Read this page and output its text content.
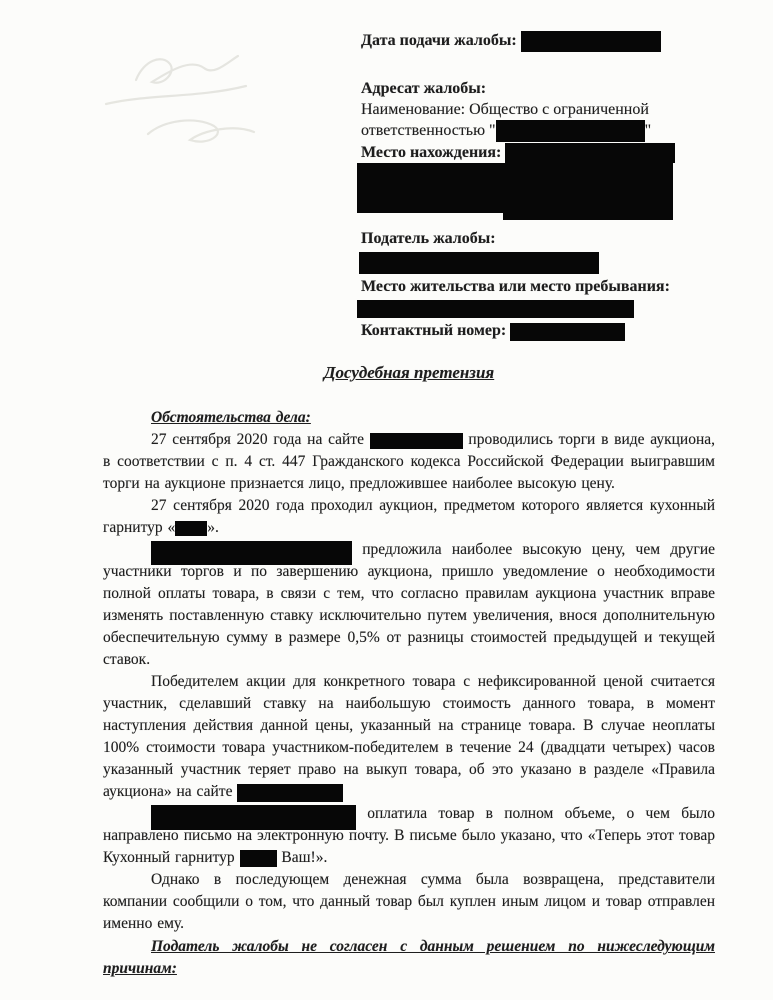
Дата подачи жалобы:
Адресат жалобы:
Наименование: Общество с ограниченной
ответственностью "	"
Место нахождения:
Податель жалобы:
Место жительства или место пребывания:
Контактный номер:
Досудебная претензия

Обстоятельства дела:

27 сентября 2020 года на сайте	проводились торги в виде аукциона, в соответствии с п. 4 ст. 447 Гражданского кодекса Российской Федерации выигравшим торги на аукционе признается лицо, предложившее наиболее высокую цену.

27 сентября 2020 года проходил аукцион, предметом которого является кухонный гарнитур « ».

предложила наиболее высокую цену, чем другие участники торгов и по завершению аукциона, пришло уведомление о необходимости полной оплаты товара, в связи с тем, что согласно правилам аукциона участник вправе изменять поставленную ставку исключительно путем увеличения, внося дополнительную обеспечительную сумму в размере 0,5% от разницы стоимостей предыдущей и текущей ставок.

Победителем акции для конкретного товара с нефиксированной ценой считается участник, сделавший ставку на наибольшую стоимость данного товара, в момент наступления действия данной цены, указанный на странице товара. В случае неоплаты 100% стоимости товара участником-победителем в течение 24 (двадцати четырех) часов указанный участник теряет право на выкуп товара, об это указано в разделе «Правила аукциона» на сайте

оплатила товар в полном объеме, о чем было направлено письмо на электронную почту. В письме было указано, что «Теперь этот товар Кухонный гарнитур  Ваш!».

Однако в последующем денежная сумма была возвращена, представители компании сообщили о том, что данный товар был куплен иным лицом и товар отправлен именно ему.

Податель жалобы не согласен с данным решением по нижеследующим причинам:
